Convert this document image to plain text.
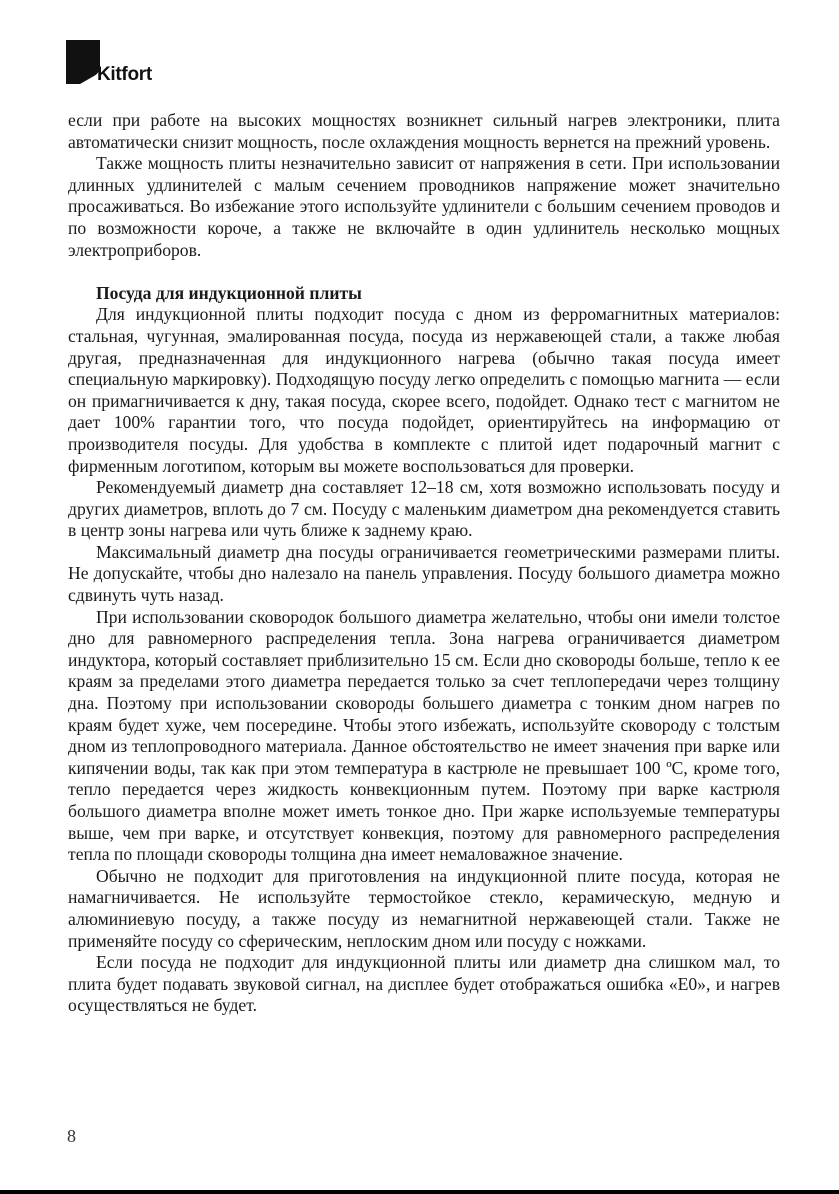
Kitfort

если при работе на высоких мощностях возникнет сильный нагрев электроники, плита автоматически снизит мощность, после охлаждения мощность вернется на прежний уровень.

Также мощность плиты незначительно зависит от напряжения в сети. При использовании длинных удлинителей с малым сечением проводников напряжение может значительно просаживаться. Во избежание этого используйте удлинители с большим сечением проводов и по возможности короче, а также не включайте в один удлинитель несколько мощных электроприборов.

Посуда для индукционной плиты

Для индукционной плиты подходит посуда с дном из ферромагнитных материалов: стальная, чугунная, эмалированная посуда, посуда из нержавеющей стали, а также любая другая, предназначенная для индукционного нагрева (обычно такая посуда имеет специальную маркировку). Подходящую посуду легко определить с помощью магнита — если он примагничивается к дну, такая посуда, скорее всего, подойдет. Однако тест с магнитом не дает 100% гарантии того, что посуда подойдет, ориентируйтесь на информацию от производителя посуды. Для удобства в комплекте с плитой идет подарочный магнит с фирменным логотипом, которым вы можете воспользоваться для проверки.

Рекомендуемый диаметр дна составляет 12–18 см, хотя возможно использовать посуду и других диаметров, вплоть до 7 см. Посуду с маленьким диаметром дна рекомендуется ставить в центр зоны нагрева или чуть ближе к заднему краю.

Максимальный диаметр дна посуды ограничивается геометрическими размерами плиты. Не допускайте, чтобы дно налезало на панель управления. Посуду большого диаметра можно сдвинуть чуть назад.

При использовании сковородок большого диаметра желательно, чтобы они имели толстое дно для равномерного распределения тепла. Зона нагрева ограничивается диаметром индуктора, который составляет приблизительно 15 см. Если дно сковороды больше, тепло к ее краям за пределами этого диаметра передается только за счет теплопередачи через толщину дна. Поэтому при использовании сковороды большего диаметра с тонким дном нагрев по краям будет хуже, чем посередине. Чтобы этого избежать, используйте сковороду с толстым дном из теплопроводного материала. Данное обстоятельство не имеет значения при варке или кипячении воды, так как при этом температура в кастрюле не превышает 100 ºС, кроме того, тепло передается через жидкость конвекционным путем. Поэтому при варке кастрюля большого диаметра вполне может иметь тонкое дно. При жарке используемые температуры выше, чем при варке, и отсутствует конвекция, поэтому для равномерного распределения тепла по площади сковороды толщина дна имеет немаловажное значение.

Обычно не подходит для приготовления на индукционной плите посуда, которая не намагничивается. Не используйте термостойкое стекло, керамическую, медную и алюминиевую посуду, а также посуду из немагнитной нержавеющей стали. Также не применяйте посуду со сферическим, неплоским дном или посуду с ножками.

Если посуда не подходит для индукционной плиты или диаметр дна слишком мал, то плита будет подавать звуковой сигнал, на дисплее будет отображаться ошибка «Е0», и нагрев осуществляться не будет.

8
